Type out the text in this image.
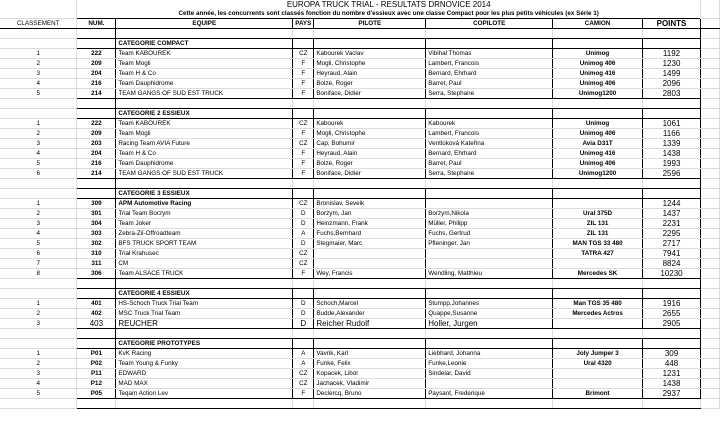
	EUROPA TRUCK TRIAL - RESULTATS DRNOVICE 2014							
	Cette année, les concurrents sont classés fonction du nombre d'essieux avec une classe Compact pour les plus petits véhicules (ex Série 1)							
CLASSEMENT	NUM.	EQUIPE	PAYS	PILOTE	COPILOTE	CAMION	POINTS	

		CATEGORIE COMPACT						
1	222	Team KABOUREK	CZ	Kabourek Vaclav	Vibihal Thomas	Unimog	1192	
2	209	Team Mogli	F	Mogli, Christophe	Lambert, Francois	Unimog 406	1230	
3	204	Team H & Co	F	Heyraud, Alain	Bernard, Ehrhard	Unimog 416	1499	
4	216	Team Dauphidrome	F	Bolze, Roger	Barret, Paul	Unimog 406	2096	
5	214	TEAM GANGS OF SUD EST TRUCK	F	Boniface, Didier	Serra, Stephane	Unimog1200	2803	

		CATEGORIE 2 ESSIEUX						
1	222	Team KABOUREK	CZ	Kabourek	Kabourek	Unimog	1061	
2	209	Team Mogli	F	Mogli, Christophe	Lambert, Francois	Unimog 406	1166	
3	203	Racing Team AVIA Future	CZ	Cap, Bohumir	Ventlúková Kateřina	Avia D31T	1339	
4	204	Team H & Co	F	Heyraud, Alain	Bernard, Ehrhard	Unimog 416	1438	
5	216	Team Dauphidrome	F	Bolze, Roger	Barret, Paul	Unimog 406	1993	
6	214	TEAM GANGS OF SUD EST TRUCK	F	Boniface, Didier	Serra, Stephane	Unimog1200	2596	

		CATEGORIE 3 ESSIEUX						
1	309	APM Automotive Racing	CZ	Bronislav, Seveik			1244	
2	301	Trial Team Borzym	D	Borzym, Jan	Borzym,Nikola	Ural 375D	1437	
3	304	Team Joker	D	Heinzmann, Frank	Müller, Philipp	ZIL 131	2231	
4	303	Zebra-Zil-Offroadteam	A	Fuchs,Bernhard	Fuchs, Gertrud	ZIL 131	2295	
5	302	BFS TRUCK SPORT TEAM	D	Stegmaier, Marc	Pfleninger, Jan	MAN TGS 33 480	2717	
6	310	Trial Krahusec	CZ			TATRA 427	7941	
7	311	CM	CZ				8824	
8	306	Team ALSACE TRUCK	F	Wey, Francis	Wendling, Matthieu	Mercedes SK	10230	

		CATEGORIE 4 ESSIEUX						
1	401	HS-Schoch Truck Trial Team	D	Schoch,Marcel	Stumpp,Johannes	Man TGS 35 480	1916	
2	402	MSC Truck Trial Team	D	Budde,Alexander	Quappe,Susanne	Mercedes Actros	2655	
3	403	REUCHER	D	Reicher Rudolf	Holler, Jurgen		2905	

		CATEGORIE PROTOTYPES						
1	P01	KvK Racing	A	Vavrik, Karl	Liebhard, Johanna	Joly Jumper 3	309	
2	P02	Team Young & Funky	A	Funke, Felix	Funke,Leonie	Ural 4320	448	
3	P11	EDWARD	CZ	Kopacek, Libor	Sindelar, David		1231	
4	P12	MAD MAX	CZ	Jachacek, Vladimir			1438	
5	P05	Teqam Action Lev	F	Declercq, Bruno	Paysant, Frederique	Brimont	2937	
